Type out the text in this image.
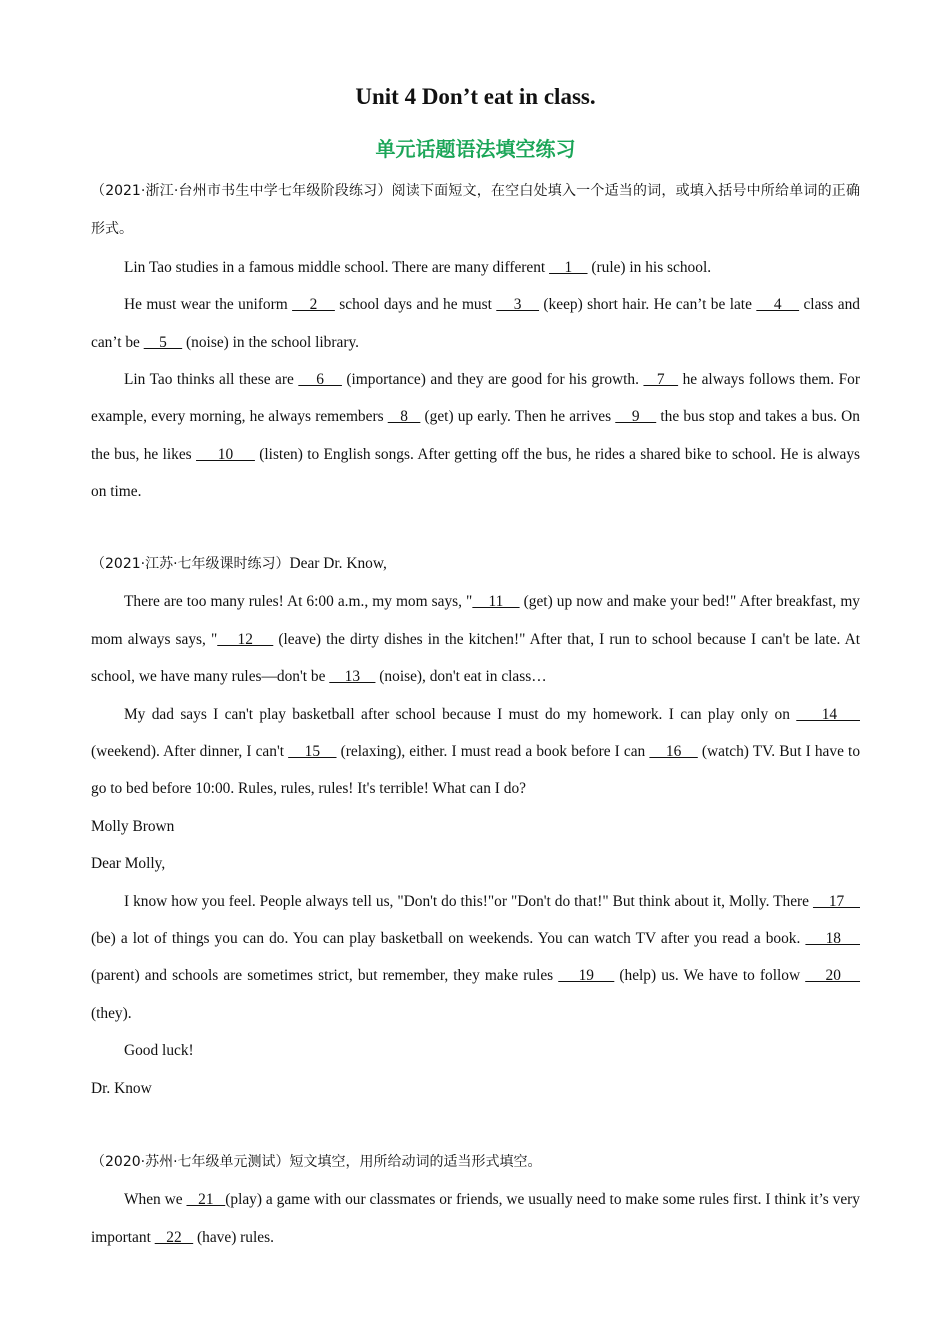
Unit 4 Don’t eat in class.
单元话题语法填空练习

（2021·浙江·台州市书生中学七年级阶段练习）阅读下面短文，在空白处填入一个适当的词，或填入括号中所给单词的正确形式。

Lin Tao studies in a famous middle school. There are many different     1     (rule) in his school.

He must wear the uniform     2     school days and he must     3     (keep) short hair. He can’t be late     4     class and can’t be     5     (noise) in the school library.

Lin Tao thinks all these are     6     (importance) and they are good for his growth.    7    he always follows them. For example, every morning, he always remembers    8    (get) up early. Then he arrives     9     the bus stop and takes a bus. On the bus, he likes      10      (listen) to English songs. After getting off the bus, he rides a shared bike to school. He is always on time.

（2021·江苏·七年级课时练习）Dear Dr. Know,

There are too many rules! At 6:00 a.m., my mom says, "    11     (get) up now and make your bed!" After breakfast, my mom always says, "    12     (leave) the dirty dishes in the kitchen!" After that, I run to school because I can't be late. At school, we have many rules—don't be     13     (noise), don't eat in class…

My dad says I can't play basketball after school because I must do my homework. I can play only on     14     (weekend). After dinner, I can't     15     (relaxing), either. I must read a book before I can     16     (watch) TV. But I have to go to bed before 10:00. Rules, rules, rules! It's terrible! What can I do?

Molly Brown

Dear Molly,

I know how you feel. People always tell us, "Don't do this!"or "Don't do that!" But think about it, Molly. There     17     (be) a lot of things you can do. You can play basketball on weekends. You can watch TV after you read a book.     18     (parent) and schools are sometimes strict, but remember, they make rules     19     (help) us. We have to follow     20     (they).

Good luck!

Dr. Know

（2020·苏州·七年级单元测试）短文填空，用所给动词的适当形式填空。

When we    21   (play) a game with our classmates or friends, we usually need to make some rules first. I think it’s very important    22    (have) rules.
